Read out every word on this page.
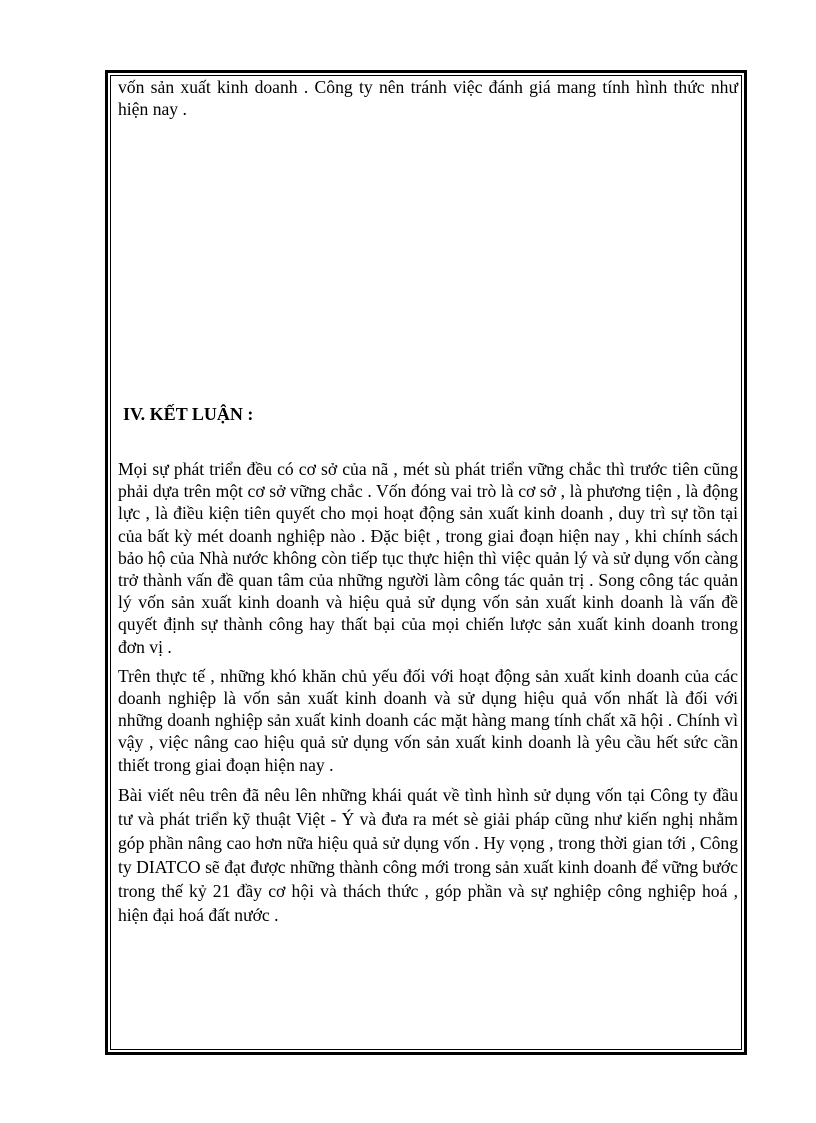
vốn sản xuất kinh doanh . Công ty nên tránh việc đánh giá mang tính hình thức như hiện nay .

IV. KẾT LUẬN :

Mọi sự phát triển đều có cơ sở của nã , mét sù phát triển vững chắc thì trước tiên cũng phải dựa trên một cơ sở vững chắc . Vốn đóng vai trò là cơ sở , là phương tiện , là động lực , là điều kiện tiên quyết cho mọi hoạt động sản xuất kinh doanh , duy trì sự tồn tại của bất kỳ mét doanh nghiệp nào . Đặc biệt , trong giai đoạn hiện nay , khi chính sách bảo hộ của Nhà nước không còn tiếp tục thực hiện thì việc quản lý và sử dụng vốn càng trở thành vấn đề quan tâm của những người làm công tác quản trị . Song công tác quản lý vốn sản xuất kinh doanh và hiệu quả sử dụng vốn sản xuất kinh doanh là vấn đề quyết định sự thành công hay thất bại của mọi chiến lược sản xuất kinh doanh trong đơn vị .

Trên thực tế , những khó khăn chủ yếu đối với hoạt động sản xuất kinh doanh của các doanh nghiệp là vốn sản xuất kinh doanh và sử dụng hiệu quả vốn nhất là đối với những doanh nghiệp sản xuất kinh doanh các mặt hàng mang tính chất xã hội . Chính vì vậy , việc nâng cao hiệu quả sử dụng vốn sản xuất kinh doanh là yêu cầu hết sức cần thiết trong giai đoạn hiện nay .

Bài viết nêu trên đã nêu lên những khái quát về tình hình sử dụng vốn tại Công ty đầu tư và phát triển kỹ thuật Việt - Ý và đưa ra mét sè giải pháp cũng như kiến nghị nhằm góp phần nâng cao hơn nữa hiệu quả sử dụng vốn . Hy vọng , trong thời gian tới , Công ty DIATCO sẽ đạt được những thành công mới trong sản xuất kinh doanh để vững bước trong thế kỷ 21 đầy cơ hội và thách thức , góp phần và sự nghiệp công nghiệp hoá , hiện đại hoá đất nước .
